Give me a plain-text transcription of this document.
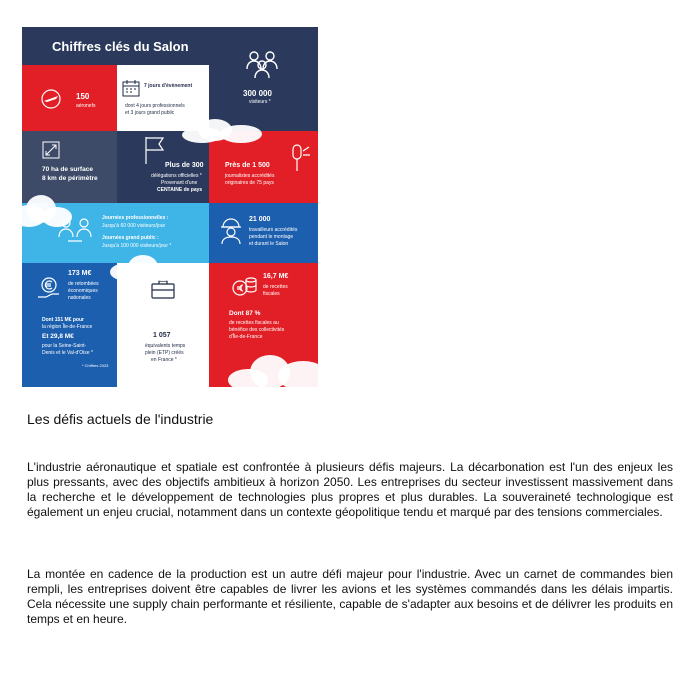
Chiffres clés du Salon
300 000
visiteurs *
150
aéronefs
7 jours d'évènement
dont 4 jours professionnels
et 3 jours grand public
70 ha de surface
8 km de périmètre
Plus de 300
délégations officielles *
Provenant d'une
CENTAINE de pays
Près de 1 500
journalistes accrédités
originaires de 75 pays
Journées professionnelles :
Jusqu'à 60 000 visiteurs/jour
Journées grand public :
Jusqu'à 100 000 visiteurs/jour *
21 000
travailleurs accrédités
pendant le montage
et durant le Salon
173 M€
de retombées
économiques
nationales
Dont 151 M€ pour
la région Île-de-France
Et 29,8 M€
pour la Seine-Saint-
Denis et le Val-d'Oise *
* Chiffres 2023
1 057
équivalents temps
plein (ETP) créés
en France *
16,7 M€
de recettes
fiscales
Dont 87 %
de recettes fiscales au
bénéfice des collectivités
d'Île-de-France
Les défis actuels de l'industrie

L'industrie aéronautique et spatiale est confrontée à plusieurs défis majeurs. La décarbonation est l'un des enjeux les plus pressants, avec des objectifs ambitieux à horizon 2050. Les entreprises du secteur investissent massivement dans la recherche et le développement de technologies plus propres et plus durables. La souveraineté technologique est également un enjeu crucial, notamment dans un contexte géopolitique tendu et marqué par des tensions commerciales.

La montée en cadence de la production est un autre défi majeur pour l'industrie. Avec un carnet de commandes bien rempli, les entreprises doivent être capables de livrer les avions et les systèmes commandés dans les délais impartis. Cela nécessite une supply chain performante et résiliente, capable de s'adapter aux besoins et de délivrer les produits en temps et en heure.
